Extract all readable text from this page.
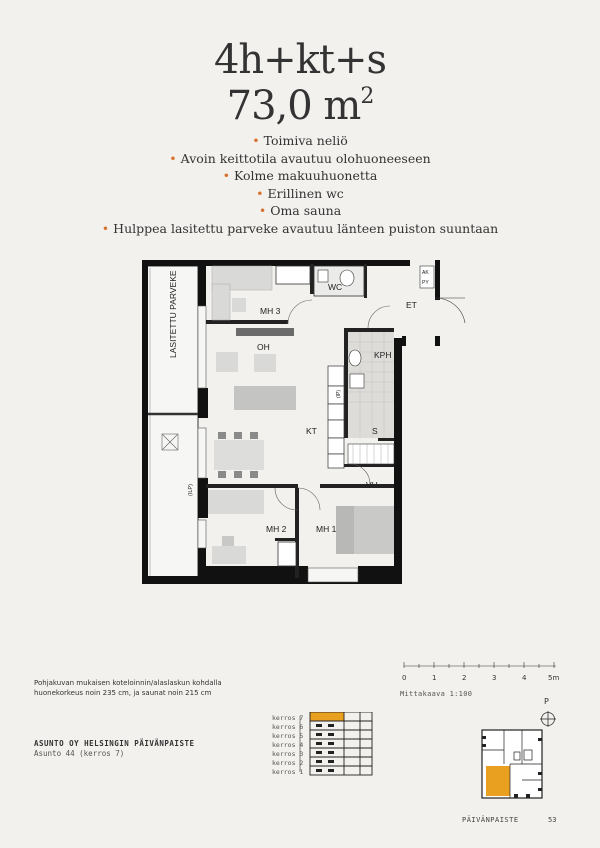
4h+kt+s
73,0 $m^2$
• Toimiva neliö
• Avoin keittotila avautuu olohuoneeseen
• Kolme makuuhuonetta
• Erillinen wc
• Oma sauna
• Hulppea lasitettu parveke avautuu länteen puiston suuntaan
LASITETTU PARVEKE	MH 3
WC
AK
PY
ET
OH
KPH
KT	S
VH
(ILP)
(IP)
MH 2	MH 1
Pohjakuvan mukaisen koteloinnin/alaslaskun kohdalla huonekorkeus noin 235 cm, ja saunat noin 215 cm
0	1	2	3	4	5m
Mittakaava 1:100
ASUNTO OY HELSINGIN PÄIVÄNPAISTE
Asunto 44 (kerros 7)
kerros 7
kerros 6
kerros 5
kerros 4
kerros 3
kerros 2
kerros 1
P
PÄIVÄNPAISTE	53
